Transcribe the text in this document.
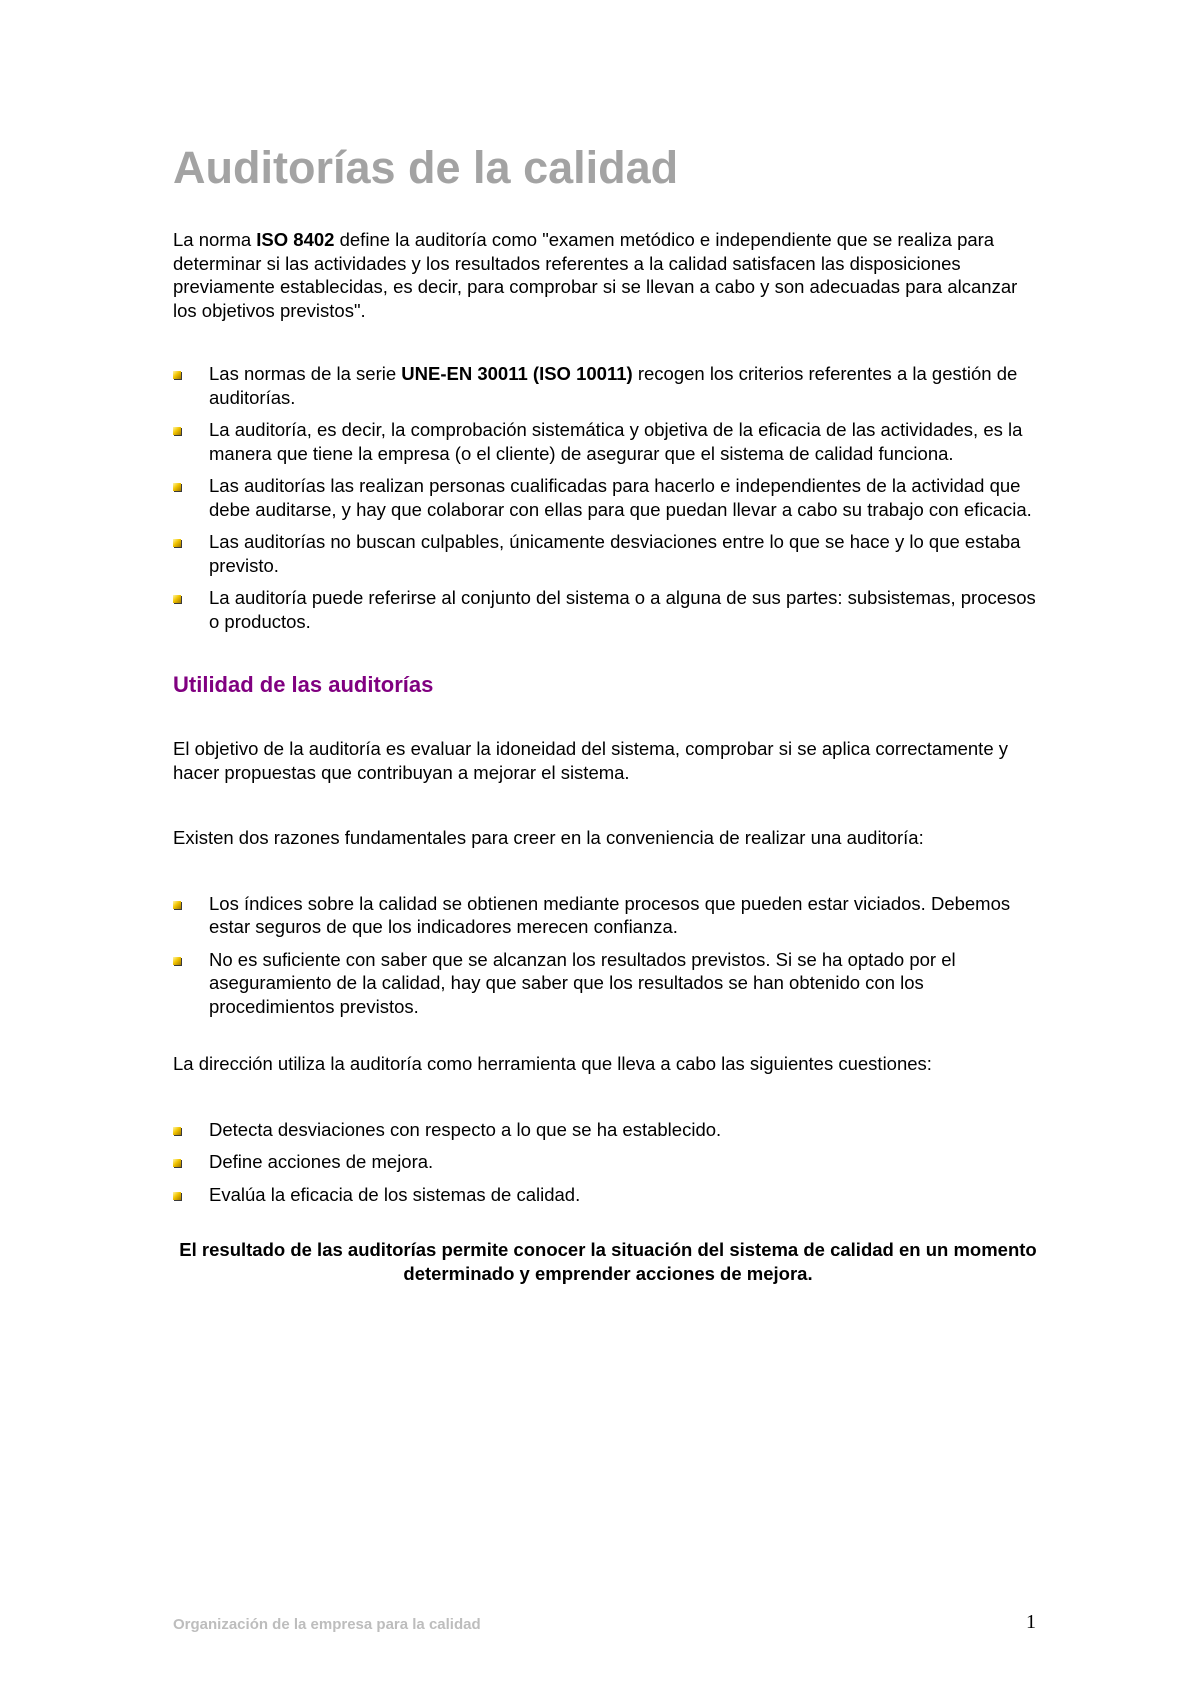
Auditorías de la calidad

La norma ISO 8402 define la auditoría como "examen metódico e independiente que se realiza para determinar si las actividades y los resultados referentes a la calidad satisfacen las disposiciones previamente establecidas, es decir, para comprobar si se llevan a cabo y son adecuadas para alcanzar los objetivos previstos".

Las normas de la serie UNE-EN 30011 (ISO 10011) recogen los criterios referentes a la gestión de auditorías.
La auditoría, es decir, la comprobación sistemática y objetiva de la eficacia de las actividades, es la manera que tiene la empresa (o el cliente) de asegurar que el sistema de calidad funciona.
Las auditorías las realizan personas cualificadas para hacerlo e independientes de la actividad que debe auditarse, y hay que colaborar con ellas para que puedan llevar a cabo su trabajo con eficacia.
Las auditorías no buscan culpables, únicamente desviaciones entre lo que se hace y lo que estaba previsto.
La auditoría puede referirse al conjunto del sistema o a alguna de sus partes: subsistemas, procesos o productos.
Utilidad de las auditorías

El objetivo de la auditoría es evaluar la idoneidad del sistema, comprobar si se aplica correctamente y hacer propuestas que contribuyan a mejorar el sistema.

Existen dos razones fundamentales para creer en la conveniencia de realizar una auditoría:

Los índices sobre la calidad se obtienen mediante procesos que pueden estar viciados. Debemos estar seguros de que los indicadores merecen confianza.
No es suficiente con saber que se alcanzan los resultados previstos. Si se ha optado por el aseguramiento de la calidad, hay que saber que los resultados se han obtenido con los procedimientos previstos.

La dirección utiliza la auditoría como herramienta que lleva a cabo las siguientes cuestiones:

Detecta desviaciones con respecto a lo que se ha establecido.
Define acciones de mejora.
Evalúa la eficacia de los sistemas de calidad.

El resultado de las auditorías permite conocer la situación del sistema de calidad en un momento determinado y emprender acciones de mejora.

Organización de la empresa para la calidad	1
